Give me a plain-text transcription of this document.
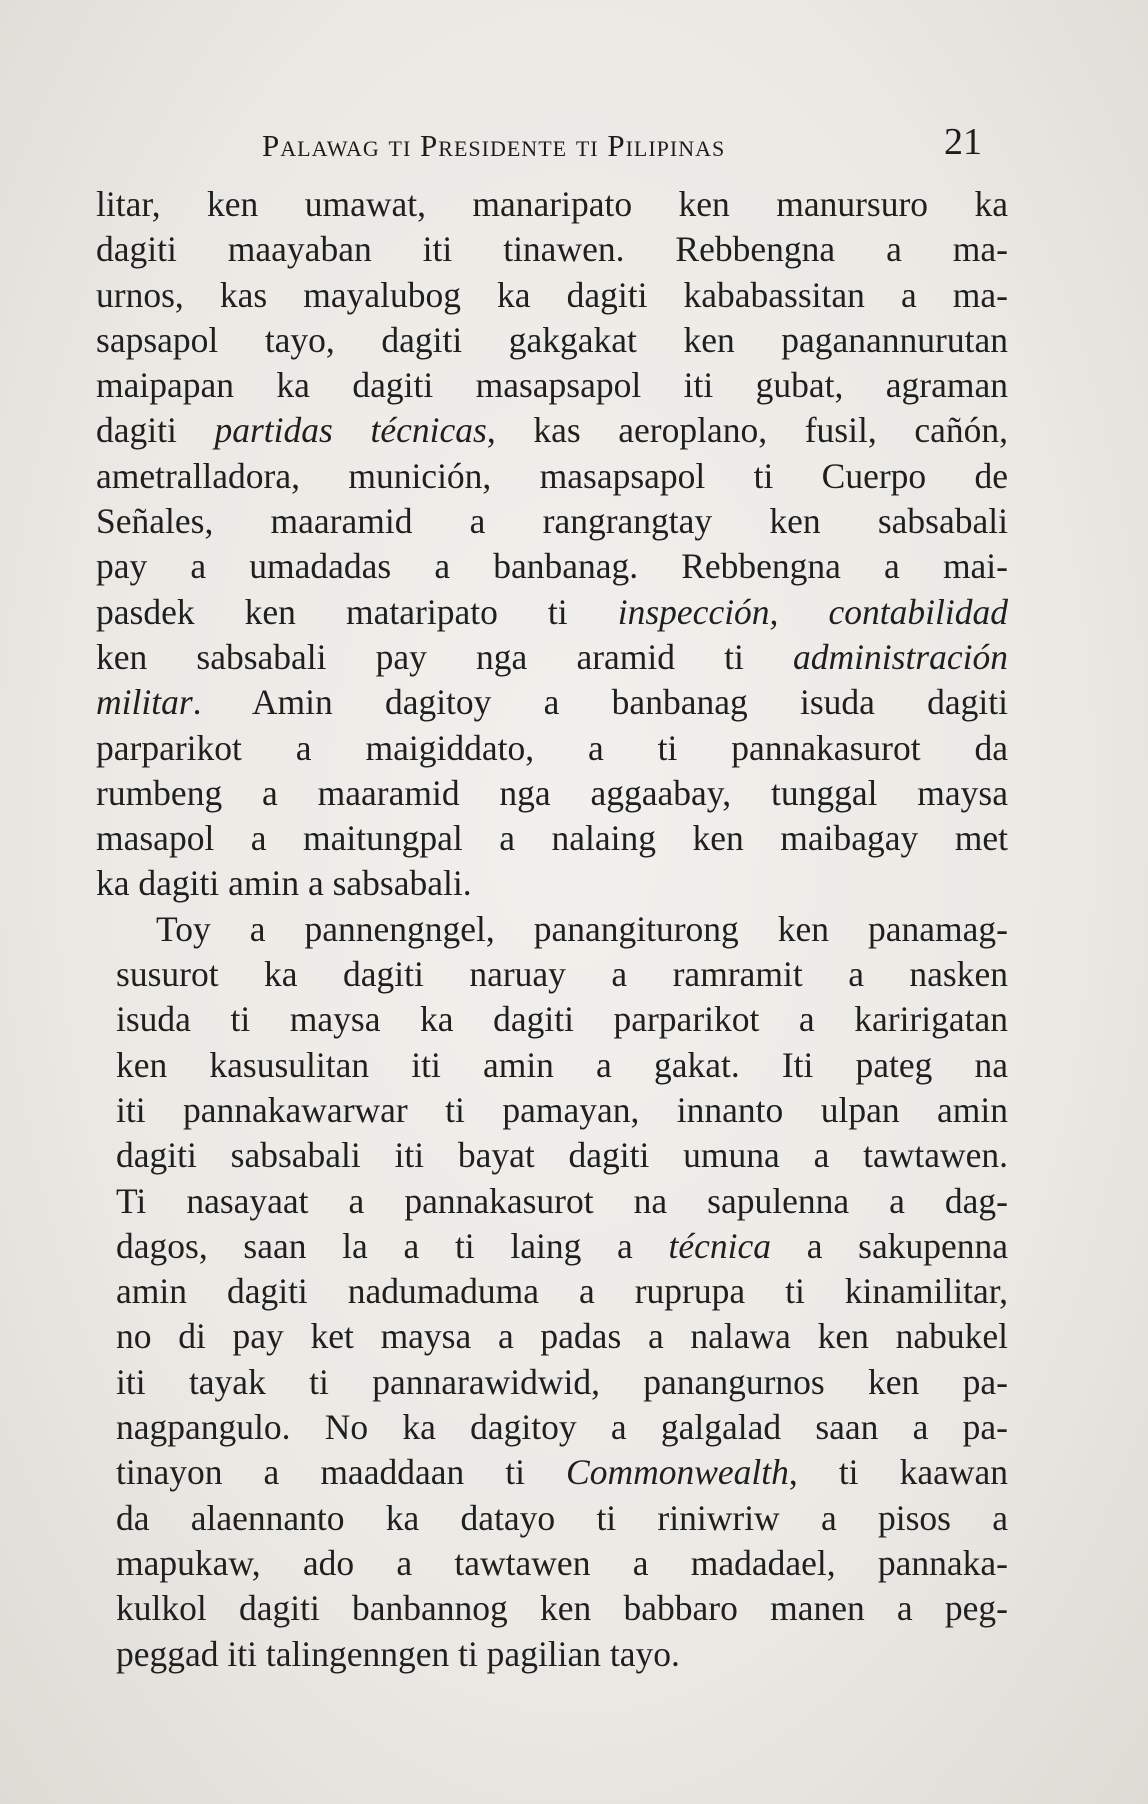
Palawag ti Presidente ti Pilipinas	21
litar, ken umawat, manaripato ken manursuro ka
dagiti maayaban iti tinawen. Rebbengna a ma-
urnos, kas mayalubog ka dagiti kababassitan a ma-
sapsapol tayo, dagiti gakgakat ken paganannurutan
maipapan ka dagiti masapsapol iti gubat, agraman
dagiti partidas técnicas, kas aeroplano, fusil, cañón,
ametralladora, munición, masapsapol ti Cuerpo de
Señales, maaramid a rangrangtay ken sabsabali
pay a umadadas a banbanag. Rebbengna a mai-
pasdek ken mataripato ti inspección, contabilidad
ken sabsabali pay nga aramid ti administración
militar. Amin dagitoy a banbanag isuda dagiti
parparikot a maigiddato, a ti pannakasurot da
rumbeng a maaramid nga aggaabay, tunggal maysa
masapol a maitungpal a nalaing ken maibagay met
ka dagiti amin a sabsabali.
Toy a pannengngel, panangiturong ken panamag-
susurot ka dagiti naruay a ramramit a nasken
isuda ti maysa ka dagiti parparikot a karirigatan
ken kasusulitan iti amin a gakat. Iti pateg na
iti pannakawarwar ti pamayan, innanto ulpan amin
dagiti sabsabali iti bayat dagiti umuna a tawtawen.
Ti nasayaat a pannakasurot na sapulenna a dag-
dagos, saan la a ti laing a técnica a sakupenna
amin dagiti nadumaduma a ruprupa ti kinamilitar,
no di pay ket maysa a padas a nalawa ken nabukel
iti tayak ti pannarawidwid, panangurnos ken pa-
nagpangulo. No ka dagitoy a galgalad saan a pa-
tinayon a maaddaan ti Commonwealth, ti kaawan
da alaennanto ka datayo ti riniwriw a pisos a
mapukaw, ado a tawtawen a madadael, pannaka-
kulkol dagiti banbannog ken babbaro manen a peg-
peggad iti talingenngen ti pagilian tayo.
